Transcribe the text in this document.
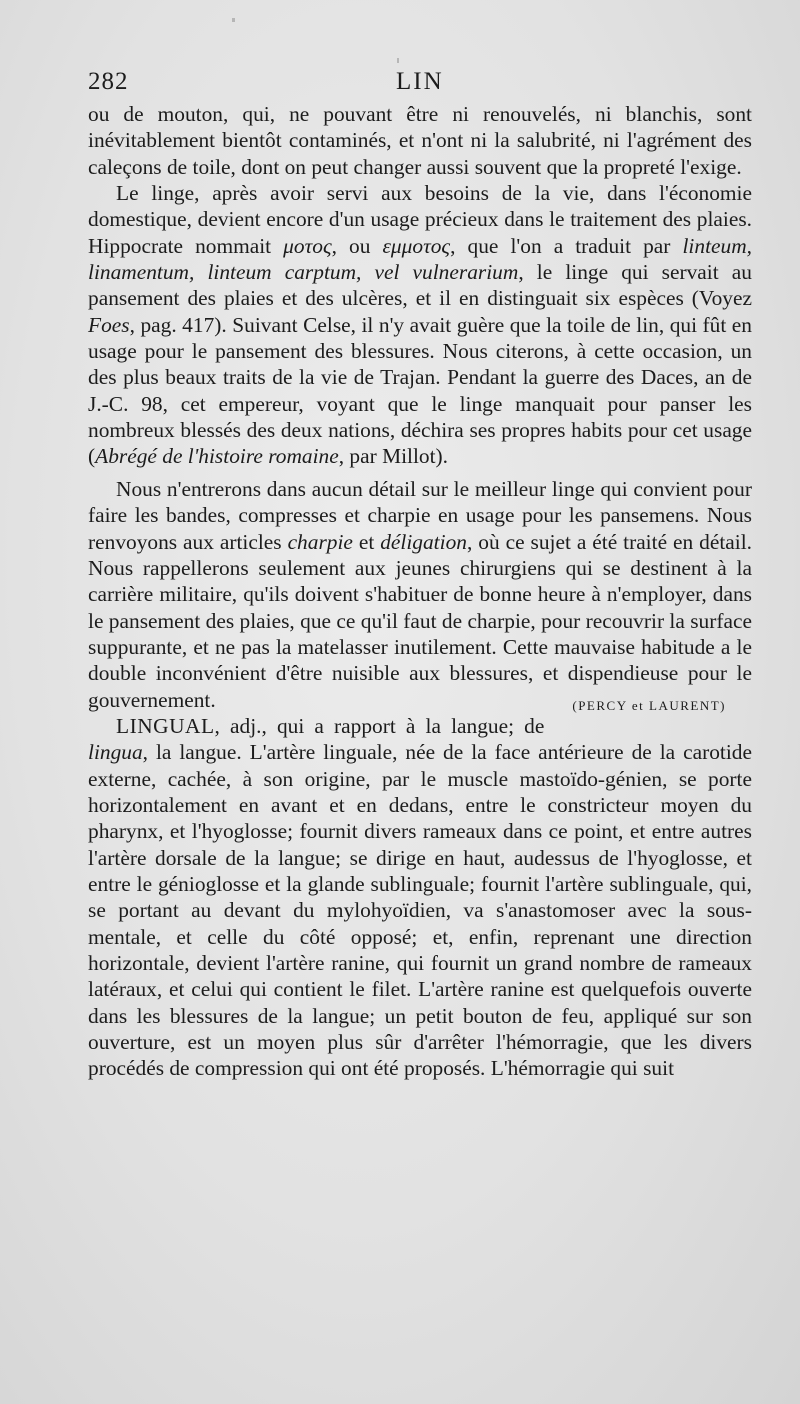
282	LIN

ou de mouton, qui, ne pouvant être ni renouvelés, ni blanchis, sont inévitablement bientôt contaminés, et n'ont ni la salubrité, ni l'agrément des caleçons de toile, dont on peut changer aussi souvent que la propreté l'exige.

Le linge, après avoir servi aux besoins de la vie, dans l'économie domestique, devient encore d'un usage précieux dans le traitement des plaies. Hippocrate nommait μοτος, ou εμμοτος, que l'on a traduit par linteum, linamentum, linteum carptum, vel vulnerarium, le linge qui servait au pansement des plaies et des ulcères, et il en distinguait six espèces (Voyez Foes, pag. 417). Suivant Celse, il n'y avait guère que la toile de lin, qui fût en usage pour le pansement des blessures. Nous citerons, à cette occasion, un des plus beaux traits de la vie de Trajan. Pendant la guerre des Daces, an de J.-C. 98, cet empereur, voyant que le linge manquait pour panser les nombreux blessés des deux nations, déchira ses propres habits pour cet usage (Abrégé de l'histoire romaine, par Millot).

Nous n'entrerons dans aucun détail sur le meilleur linge qui convient pour faire les bandes, compresses et charpie en usage pour les pansemens. Nous renvoyons aux articles charpie et déligation, où ce sujet a été traité en détail. Nous rappellerons seulement aux jeunes chirurgiens qui se destinent à la carrière militaire, qu'ils doivent s'habituer de bonne heure à n'employer, dans le pansement des plaies, que ce qu'il faut de charpie, pour recouvrir la surface suppurante, et ne pas la matelasser inutilement. Cette mauvaise habitude a le double inconvénient d'être nuisible aux blessures, et dispendieuse pour le gouvernement.	(PERCY et LAURENT)

LINGUAL, adj., qui a rapport à la langue; de lingua, la langue. L'artère linguale, née de la face antérieure de la carotide externe, cachée, à son origine, par le muscle mastoïdo-génien, se porte horizontalement en avant et en dedans, entre le constricteur moyen du pharynx, et l'hyoglosse; fournit divers rameaux dans ce point, et entre autres l'artère dorsale de la langue; se dirige en haut, audessus de l'hyoglosse, et entre le génioglosse et la glande sublinguale; fournit l'artère sublinguale, qui, se portant au devant du mylohyoïdien, va s'anastomoser avec la sous-mentale, et celle du côté opposé; et, enfin, reprenant une direction horizontale, devient l'artère ranine, qui fournit un grand nombre de rameaux latéraux, et celui qui contient le filet. L'artère ranine est quelquefois ouverte dans les blessures de la langue; un petit bouton de feu, appliqué sur son ouverture, est un moyen plus sûr d'arrêter l'hémorragie, que les divers procédés de compression qui ont été proposés. L'hémorragie qui suit
